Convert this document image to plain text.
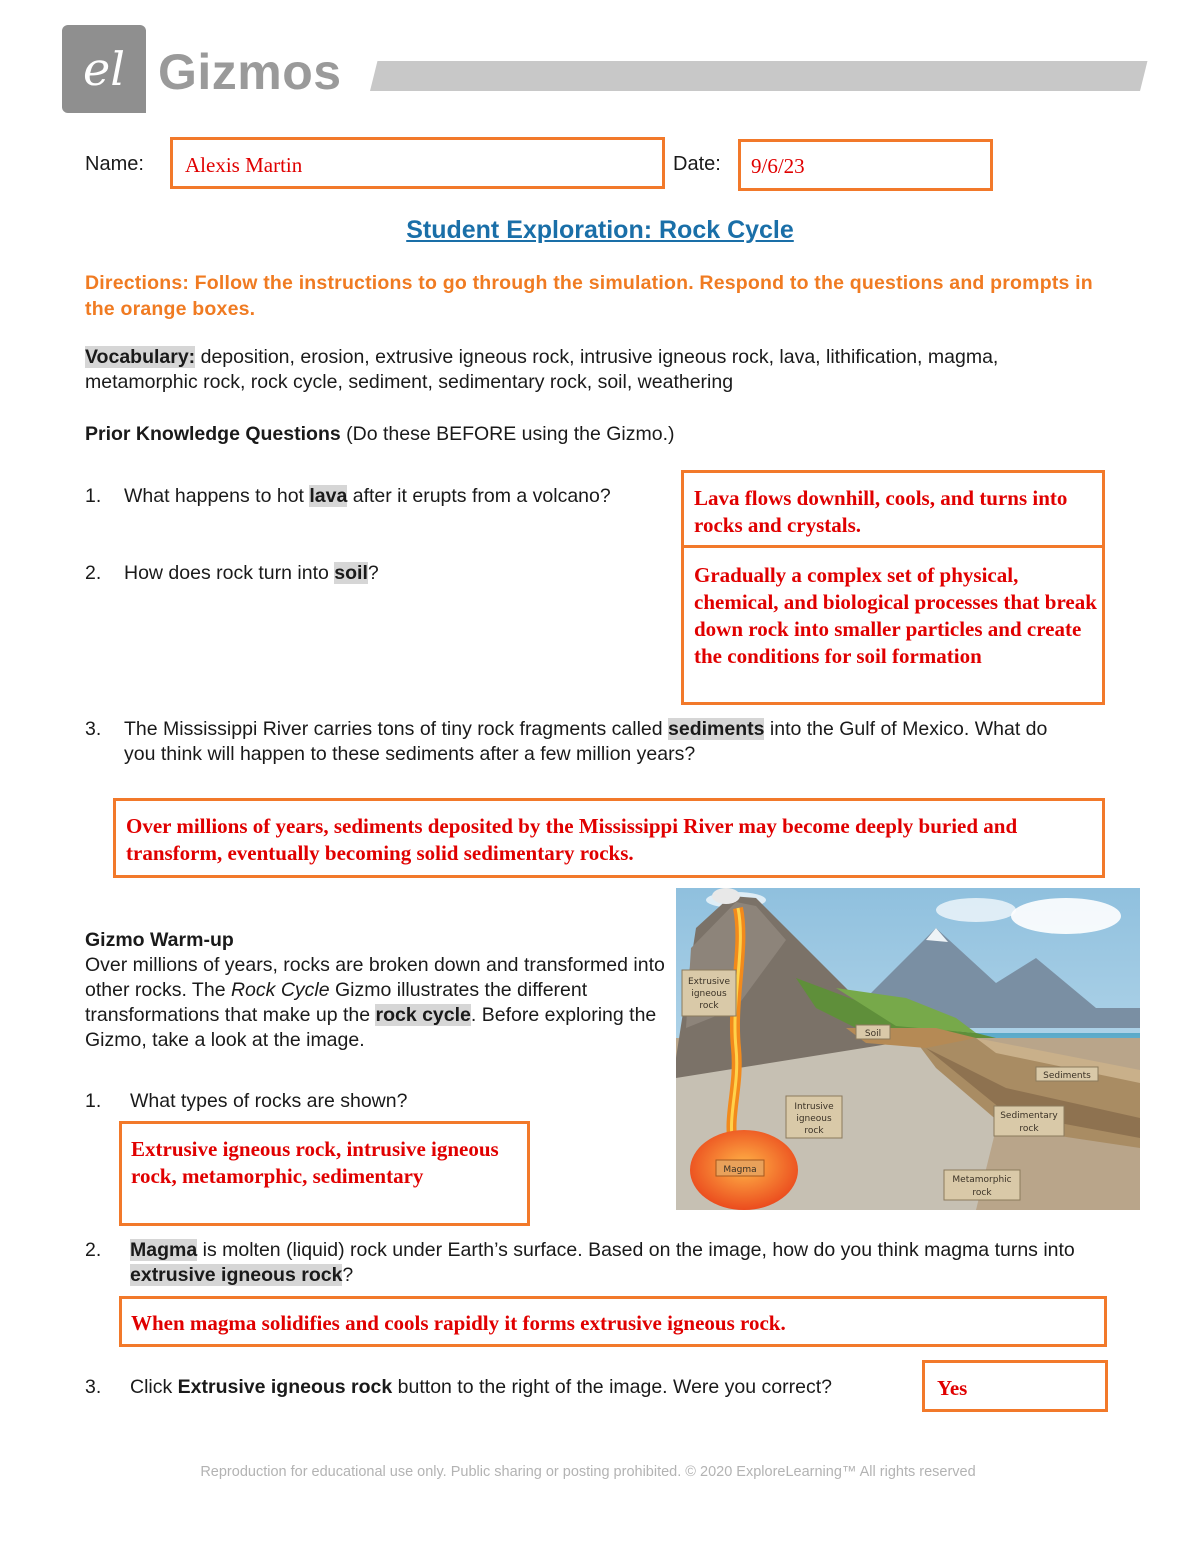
el Gizmos
Name: Alexis Martin	Date: 9/6/23
Student Exploration: Rock Cycle
Directions: Follow the instructions to go through the simulation. Respond to the questions and prompts in the orange boxes.
Vocabulary: deposition, erosion, extrusive igneous rock, intrusive igneous rock, lava, lithification, magma, metamorphic rock, rock cycle, sediment, sedimentary rock, soil, weathering
Prior Knowledge Questions (Do these BEFORE using the Gizmo.)
1. What happens to hot lava after it erupts from a volcano?	Lava flows downhill, cools, and turns into rocks and crystals.
2. How does rock turn into soil?	Gradually a complex set of physical, chemical, and biological processes that break down rock into smaller particles and create the conditions for soil formation
3. The Mississippi River carries tons of tiny rock fragments called sediments into the Gulf of Mexico. What do you think will happen to these sediments after a few million years?
Over millions of years, sediments deposited by the Mississippi River may become deeply buried and transform, eventually becoming solid sedimentary rocks.
Gizmo Warm-up
Over millions of years, rocks are broken down and transformed into other rocks. The Rock Cycle Gizmo illustrates the different transformations that make up the rock cycle. Before exploring the Gizmo, take a look at the image.
Extrusive
igneous
rock
Soil
Sediments
Intrusive
igneous
rock
Sedimentary
rock
Magma
Metamorphic
rock
1. What types of rocks are shown?
Extrusive igneous rock, intrusive igneous rock, metamorphic, sedimentary
2. Magma is molten (liquid) rock under Earth’s surface. Based on the image, how do you think magma turns into extrusive igneous rock?
When magma solidifies and cools rapidly it forms extrusive igneous rock.
3. Click Extrusive igneous rock button to the right of the image. Were you correct?	Yes
Reproduction for educational use only. Public sharing or posting prohibited. © 2020 ExploreLearning™ All rights reserved
